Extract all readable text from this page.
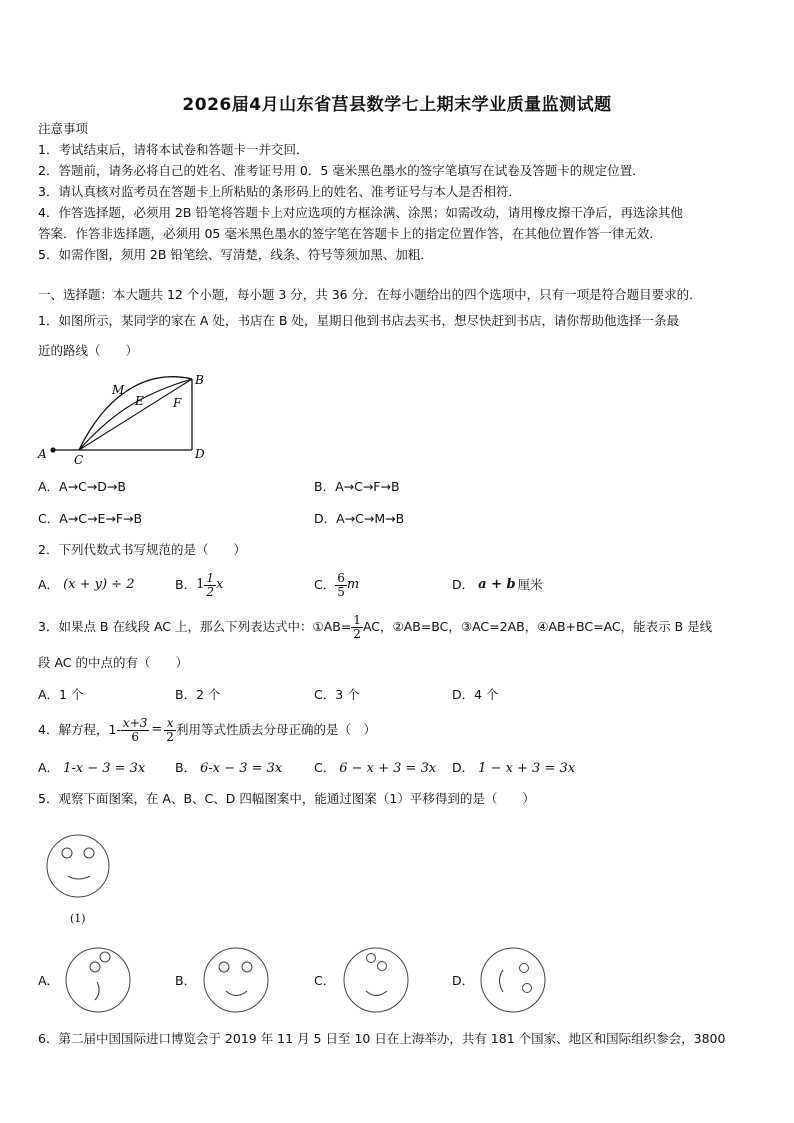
2026届4月山东省莒县数学七上期末学业质量监测试题
注意事项
1．考试结束后，请将本试卷和答题卡一并交回．
2．答题前，请务必将自己的姓名、准考证号用 0．5 毫米黑色墨水的签字笔填写在试卷及答题卡的规定位置．
3．请认真核对监考员在答题卡上所粘贴的条形码上的姓名、准考证号与本人是否相符．
4．作答选择题，必须用 2B 铅笔将答题卡上对应选项的方框涂满、涂黑；如需改动，请用橡皮擦干净后，再选涂其他
答案．作答非选择题，必须用 05 毫米黑色墨水的签字笔在答题卡上的指定位置作答，在其他位置作答一律无效．
5．如需作图，须用 2B 铅笔绘、写清楚，线条、符号等须加黑、加粗．
一、选择题：本大题共 12 个小题，每小题 3 分，共 36 分．在每小题给出的四个选项中，只有一项是符合题目要求的．
1．如图所示，某同学的家在 A 处，书店在 B 处，星期日他到书店去买书，想尽快赶到书店，请你帮助他选择一条最
近的路线（　　）
A C	D
B
M
E F
A．A→C→D→B	B．A→C→F→B
C．A→C→E→F→B	D．A→C→M→B
2．下列代数式书写规范的是（　　）
A． (x + y) ÷ 2	B． $1 \frac{1}{2}$ x	C． $\frac{6}{5}$ m	D． a + b 厘米
3．如果点 B 在线段 AC 上，那么下列表达式中：①AB= $\frac{1}{2}$ AC，②AB=BC，③AC=2AB，④AB+BC=AC，能表示 B 是线
段 AC 的中点的有（　　）
A．1 个	B．2 个	C．3 个	D．4 个
4．解方程，$1- \frac{x+3}{6} = \frac{x}{2}$ 利用等式性质去分母正确的是（　）
A． 1-x − 3 = 3x B． 6-x − 3 = 3x	C． 6 − x + 3 = 3x D． 1 − x + 3 = 3x
5．观察下面图案，在 A、B、C、D 四幅图案中，能通过图案（1）平移得到的是（　　）
(1)
A．	B．	C．	D．
6．第二届中国国际进口博览会于 2019 年 11 月 5 日至 10 日在上海举办，共有 181 个国家、地区和国际组织参会，3800
